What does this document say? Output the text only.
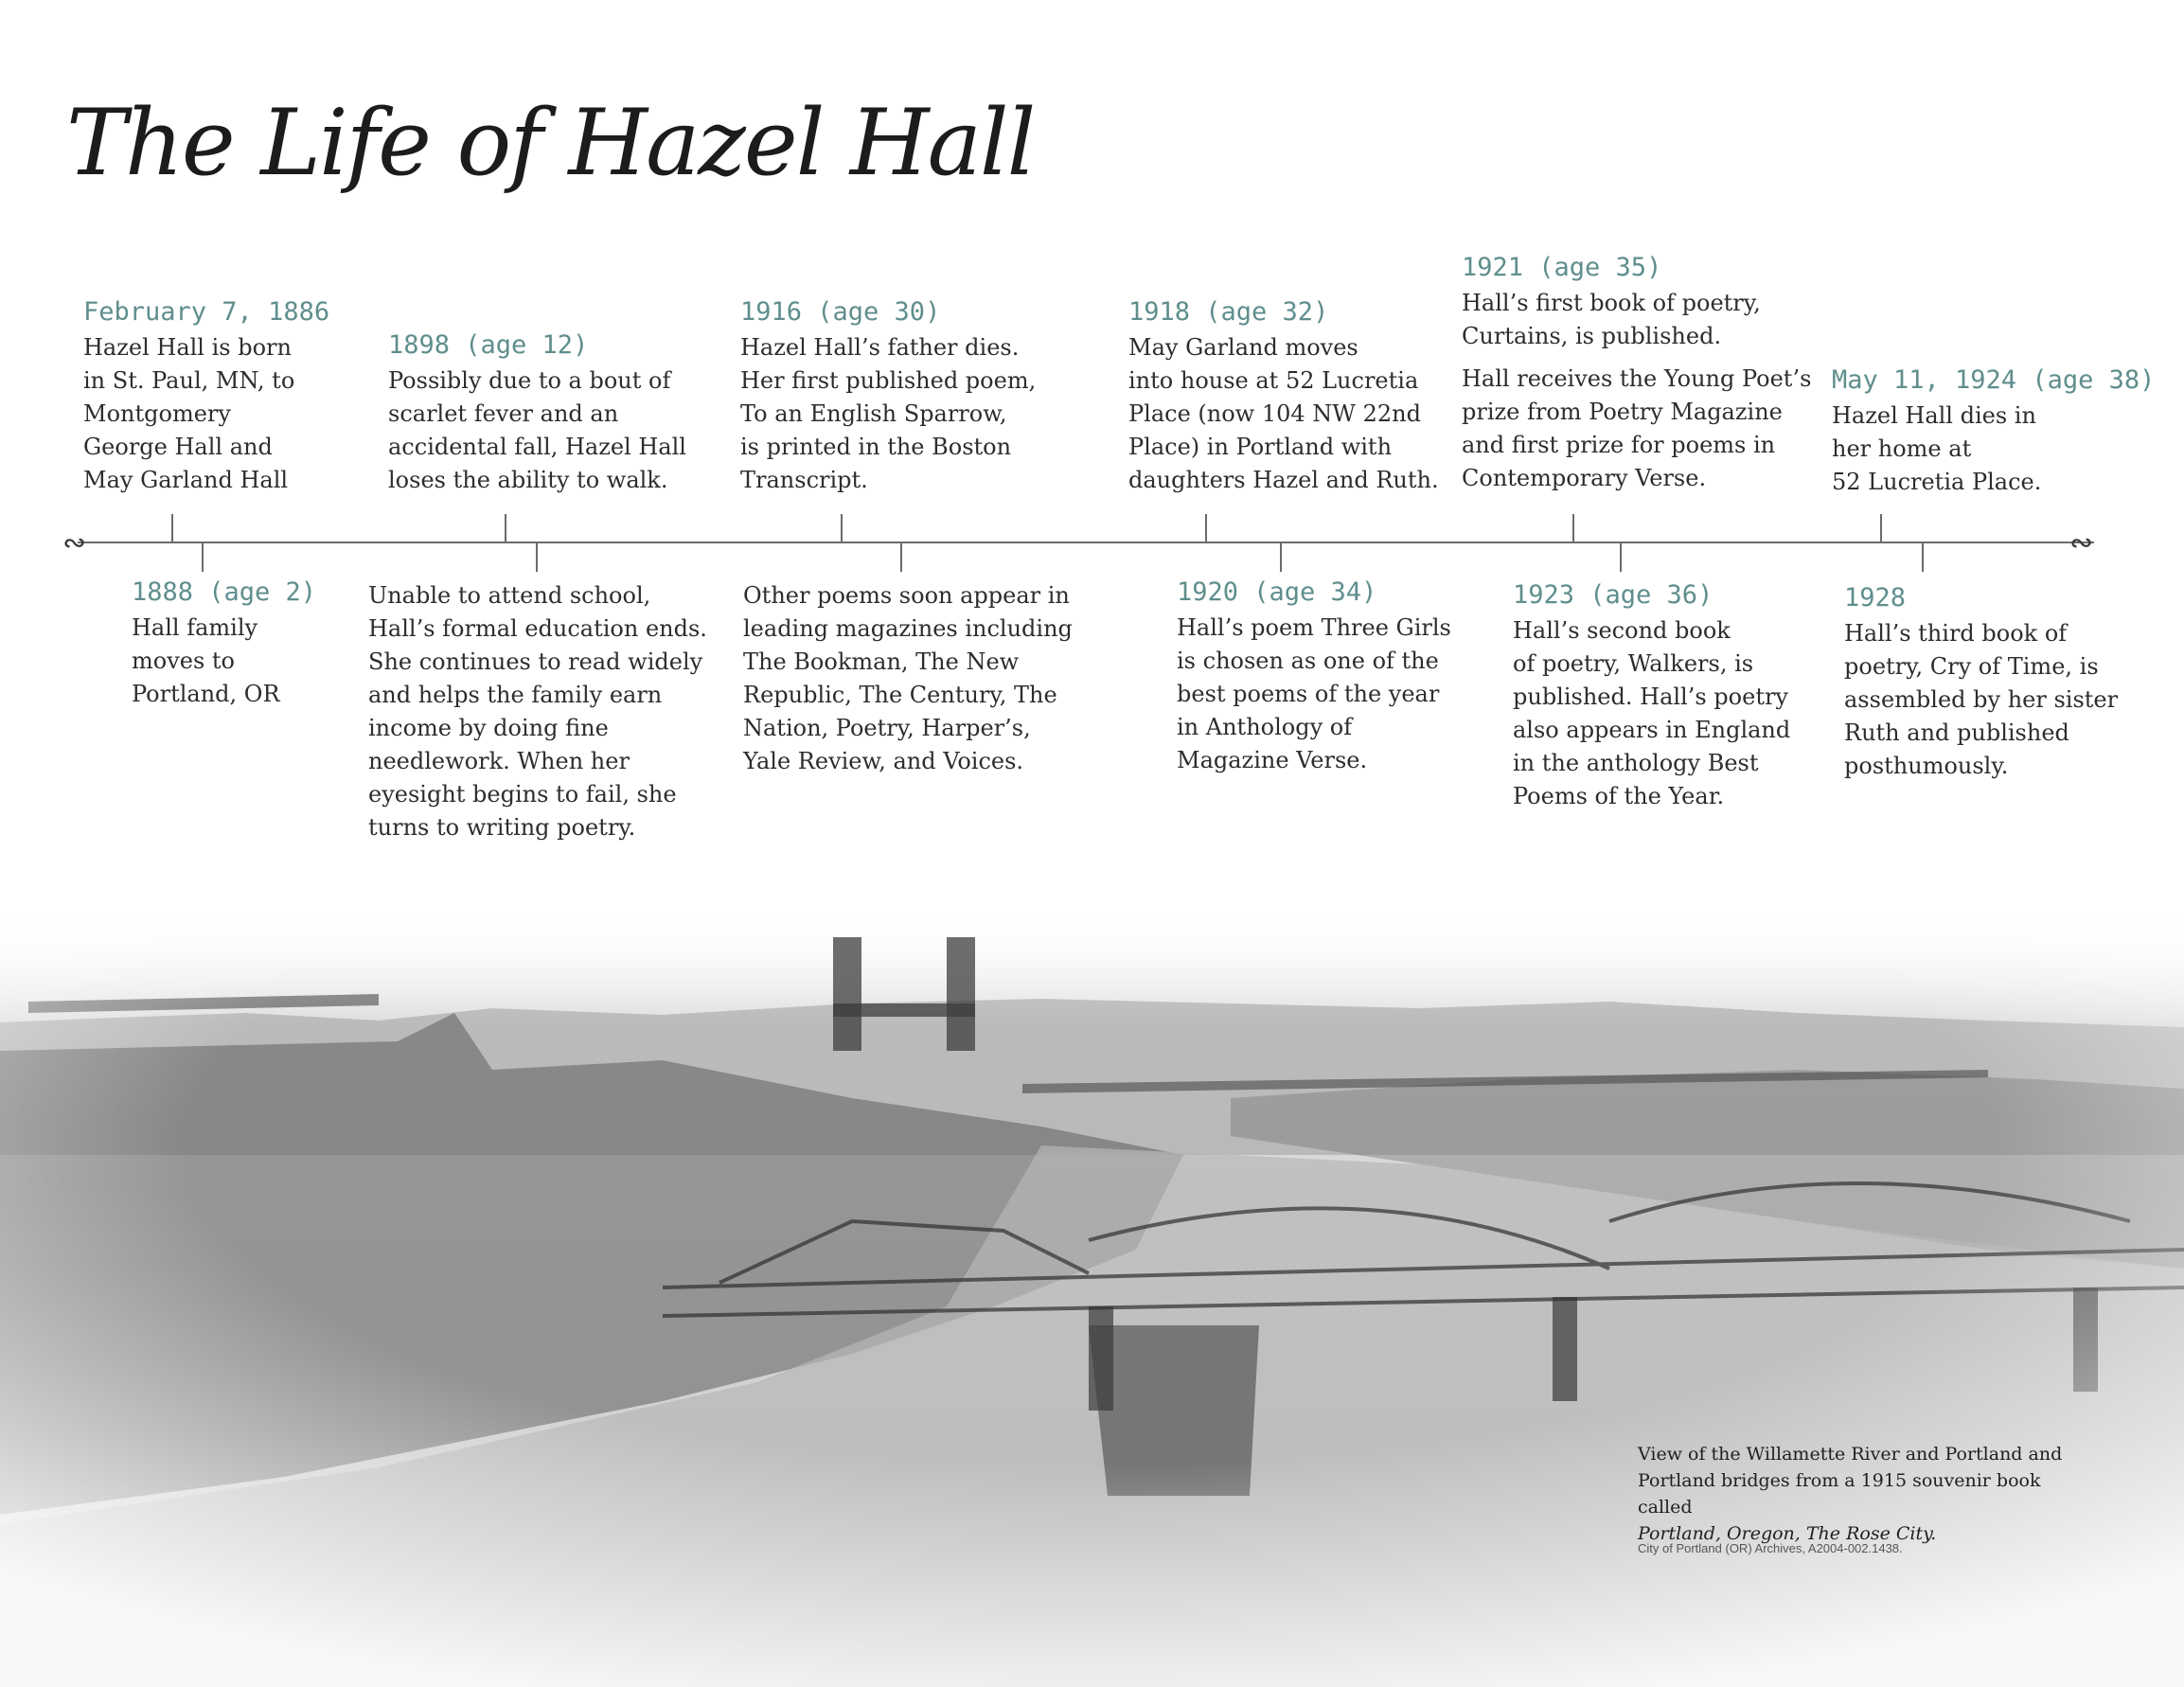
The Life of Hazel Hall
∾	∾
February 7, 1886
Hazel Hall is born
in St. Paul, MN, to
Montgomery
George Hall and
May Garland Hall
1898 (age 12)
Possibly due to a bout of
scarlet fever and an
accidental fall, Hazel Hall
loses the ability to walk.
1916 (age 30)
Hazel Hall’s father dies.
Her first published poem,
To an English Sparrow,
is printed in the Boston
Transcript.
1918 (age 32)
May Garland moves
into house at 52 Lucretia
Place (now 104 NW 22nd
Place) in Portland with
daughters Hazel and Ruth.
1921 (age 35)
Hall’s first book of poetry,
Curtains, is published.
Hall receives the Young Poet’s
prize from Poetry Magazine
and first prize for poems in
Contemporary Verse.
May 11, 1924 (age 38)
Hazel Hall dies in
her home at
52 Lucretia Place.
1888 (age 2)
Hall family
moves to
Portland, OR
Unable to attend school,
Hall’s formal education ends.
She continues to read widely
and helps the family earn
income by doing fine
needlework. When her
eyesight begins to fail, she
turns to writing poetry.
Other poems soon appear in
leading magazines including
The Bookman, The New
Republic, The Century, The
Nation, Poetry, Harper’s,
Yale Review, and Voices.
1920 (age 34)
Hall’s poem Three Girls
is chosen as one of the
best poems of the year
in Anthology of
Magazine Verse.
1923 (age 36)
Hall’s second book
of poetry, Walkers, is
published. Hall’s poetry
also appears in England
in the anthology Best
Poems of the Year.
1928
Hall’s third book of
poetry, Cry of Time, is
assembled by her sister
Ruth and published
posthumously.
View of the Willamette River and Portland and Portland bridges from a 1915 souvenir book called
Portland, Oregon, The Rose City.
City of Portland (OR) Archives, A2004-002.1438.
